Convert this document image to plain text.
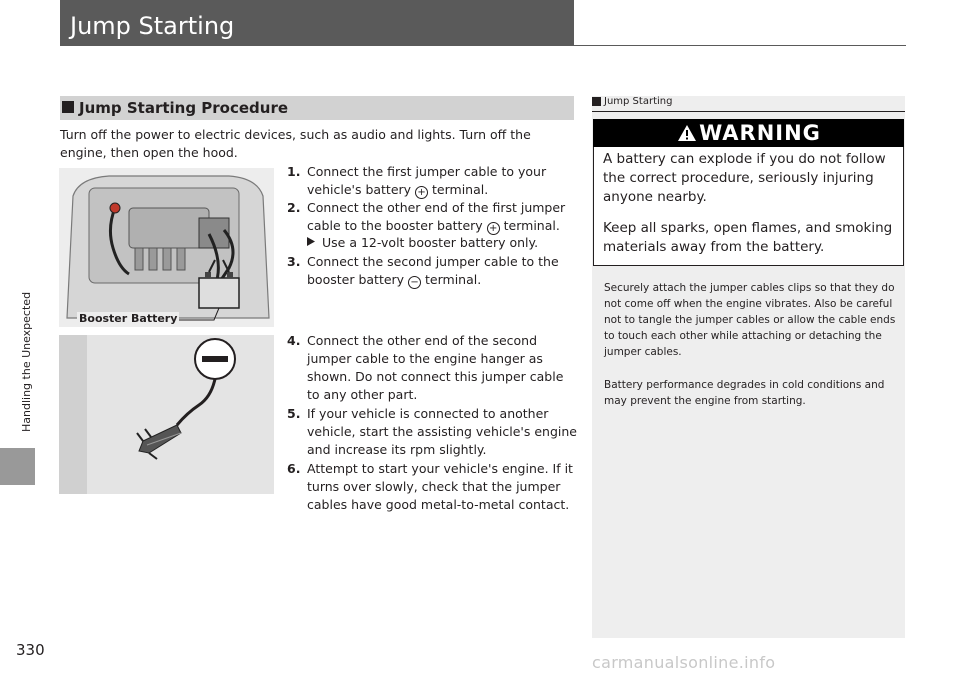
Jump Starting
Handling the Unexpected
330
Jump Starting Procedure
Turn off the power to electric devices, such as audio and lights. Turn off the engine, then open the hood.
Booster Battery
1. Connect the first jumper cable to your vehicle's battery + terminal.
2. Connect the other end of the first jumper cable to the booster battery + terminal.
Use a 12-volt booster battery only.
3. Connect the second jumper cable to the booster battery − terminal.
4. Connect the other end of the second jumper cable to the engine hanger as shown. Do not connect this jumper cable to any other part.
5. If your vehicle is connected to another vehicle, start the assisting vehicle's engine and increase its rpm slightly.
6. Attempt to start your vehicle's engine. If it turns over slowly, check that the jumper cables have good metal-to-metal contact.
Jump Starting
WARNING
A battery can explode if you do not follow the correct procedure, seriously injuring anyone nearby.
Keep all sparks, open flames, and smoking materials away from the battery.
Securely attach the jumper cables clips so that they do not come off when the engine vibrates. Also be careful not to tangle the jumper cables or allow the cable ends to touch each other while attaching or detaching the jumper cables.
Battery performance degrades in cold conditions and may prevent the engine from starting.
carmanualsonline.info
